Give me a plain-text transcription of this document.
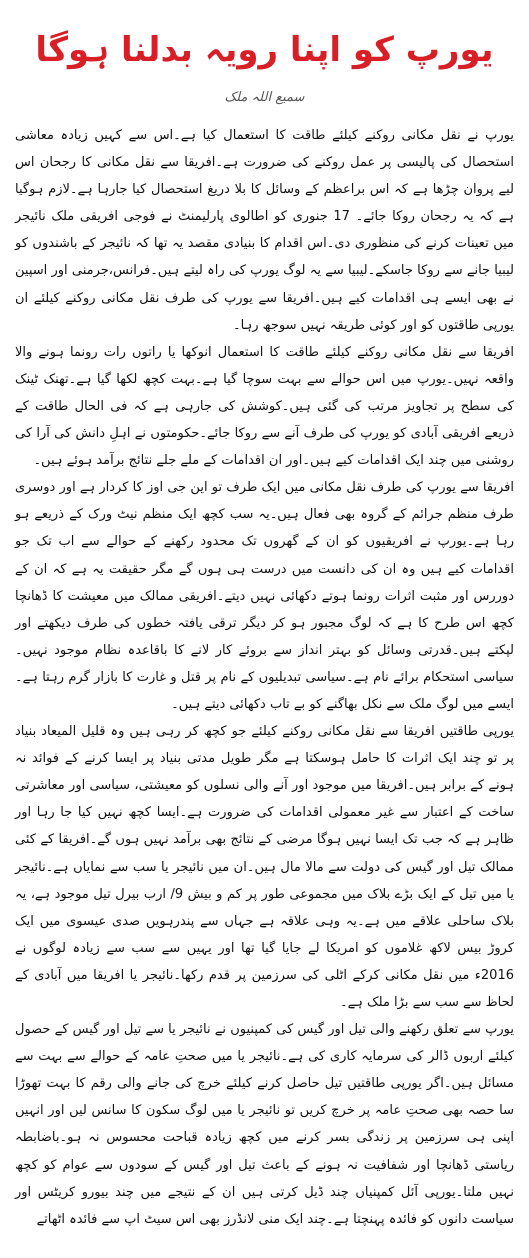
یورپ کو اپنا رویہ بدلنا ہوگا
سمیع اللہ ملک

یورپ نے نقل مکانی روکنے کیلئے طاقت کا استعمال کیا ہے۔اس سے کہیں زیادہ معاشی استحصال کی پالیسی پر عمل روکنے کی ضرورت ہے۔افریقا سے نقل مکانی کا رجحان اس لیے پروان چڑھا ہے کہ اس براعظم کے وسائل کا بلا دریغ استحصال کیا جارہا ہے۔لازم ہوگیا ہے کہ یہ رجحان روکا جائے۔ 17 جنوری کو اطالوی پارلیمنٹ نے فوجی افریقی ملک نائیجر میں تعینات کرنے کی منظوری دی۔اس اقدام کا بنیادی مقصد یہ تھا کہ نائیجر کے باشندوں کو لیبیا جانے سے روکا جاسکے۔لیبیا سے یہ لوگ یورپ کی راہ لیتے ہیں۔فرانس،جرمنی اور اسپین نے بھی ایسے ہی اقدامات کیے ہیں۔افریقا سے یورپ کی طرف نقل مکانی روکنے کیلئے ان یورپی طاقتوں کو اور کوئی طریقہ نہیں سوجھ رہا۔

افریقا سے نقل مکانی روکنے کیلئے طاقت کا استعمال انوکھا یا راتوں رات رونما ہونے والا واقعہ نہیں۔یورپ میں اس حوالے سے بہت سوچا گیا ہے۔بہت کچھ لکھا گیا ہے۔تھنک ٹینک کی سطح پر تجاویز مرتب کی گئی ہیں۔کوشش کی جارہی ہے کہ فی الحال طاقت کے ذریعے افریقی آبادی کو یورپ کی طرف آنے سے روکا جائے۔حکومتوں نے اہلِ دانش کی آرا کی روشنی میں چند ایک اقدامات کیے ہیں۔اور ان اقدامات کے ملے جلے نتائج برآمد ہوئے ہیں۔

افریقا سے یورپ کی طرف نقل مکانی میں ایک طرف تو این جی اوز کا کردار ہے اور دوسری طرف منظم جرائم کے گروہ بھی فعال ہیں۔یہ سب کچھ ایک منظم نیٹ ورک کے ذریعے ہو رہا ہے۔یورپ نے افریقیوں کو ان کے گھروں تک محدود رکھنے کے حوالے سے اب تک جو اقدامات کیے ہیں وہ ان کی دانست میں درست ہی ہوں گے مگر حقیقت یہ ہے کہ ان کے دوررس اور مثبت اثرات رونما ہوتے دکھائی نہیں دیتے۔افریقی ممالک میں معیشت کا ڈھانچا کچھ اس طرح کا ہے کہ لوگ مجبور ہو کر دیگر ترقی یافتہ خطوں کی طرف دیکھتے اور لپکتے ہیں۔قدرتی وسائل کو بہتر انداز سے بروئے کار لانے کا باقاعدہ نظام موجود نہیں۔سیاسی استحکام برائے نام ہے۔سیاسی تبدیلیوں کے نام پر قتل و غارت کا بازار گرم رہتا ہے۔ایسے میں لوگ ملک سے نکل بھاگنے کو بے تاب دکھائی دیتے ہیں۔

یورپی طاقتیں افریقا سے نقل مکانی روکنے کیلئے جو کچھ کر رہی ہیں وہ قلیل المیعاد بنیاد پر تو چند ایک اثرات کا حامل ہوسکتا ہے مگر طویل مدتی بنیاد پر ایسا کرنے کے فوائد نہ ہونے کے برابر ہیں۔افریقا میں موجود اور آنے والی نسلوں کو معیشتی، سیاسی اور معاشرتی ساخت کے اعتبار سے غیر معمولی اقدامات کی ضرورت ہے۔ایسا کچھ نہیں کیا جا رہا اور ظاہر ہے کہ جب تک ایسا نہیں ہوگا مرضی کے نتائج بھی برآمد نہیں ہوں گے۔افریقا کے کئی ممالک تیل اور گیس کی دولت سے مالا مال ہیں۔ان میں نائیجر یا سب سے نمایاں ہے۔نائیجر یا میں تیل کے ایک بڑے بلاک میں مجموعی طور پر کم و بیش 9/ ارب بیرل تیل موجود ہے، یہ بلاک ساحلی علاقے میں ہے۔یہ وہی علاقہ ہے جہاں سے پندرہویں صدی عیسوی میں ایک کروڑ بیس لاکھ غلاموں کو امریکا لے جایا گیا تھا اور یہیں سے سب سے زیادہ لوگوں نے 2016ء میں نقل مکانی کرکے اٹلی کی سرزمین پر قدم رکھا۔نائیجر یا افریقا میں آبادی کے لحاظ سے سب سے بڑا ملک ہے۔

یورپ سے تعلق رکھنے والی تیل اور گیس کی کمپنیوں نے نائیجر یا سے تیل اور گیس کے حصول کیلئے اربوں ڈالر کی سرمایہ کاری کی ہے۔نائیجر یا میں صحتِ عامہ کے حوالے سے بہت سے مسائل ہیں۔اگر یورپی طاقتیں تیل حاصل کرنے کیلئے خرچ کی جانے والی رقم کا بہت تھوڑا سا حصہ بھی صحتِ عامہ پر خرچ کریں تو نائیجر یا میں لوگ سکون کا سانس لیں اور انہیں اپنی ہی سرزمین پر زندگی بسر کرنے میں کچھ زیادہ قباحت محسوس نہ ہو۔باضابطہ ریاستی ڈھانچا اور شفافیت نہ ہونے کے باعث تیل اور گیس کے سودوں سے عوام کو کچھ نہیں ملتا۔یورپی آئل کمپنیاں چند ڈیل کرتی ہیں ان کے نتیجے میں چند بیورو کریٹس اور سیاست دانوں کو فائدہ پہنچتا ہے۔چند ایک منی لانڈرز بھی اس سیٹ اپ سے فائدہ اٹھاتے
